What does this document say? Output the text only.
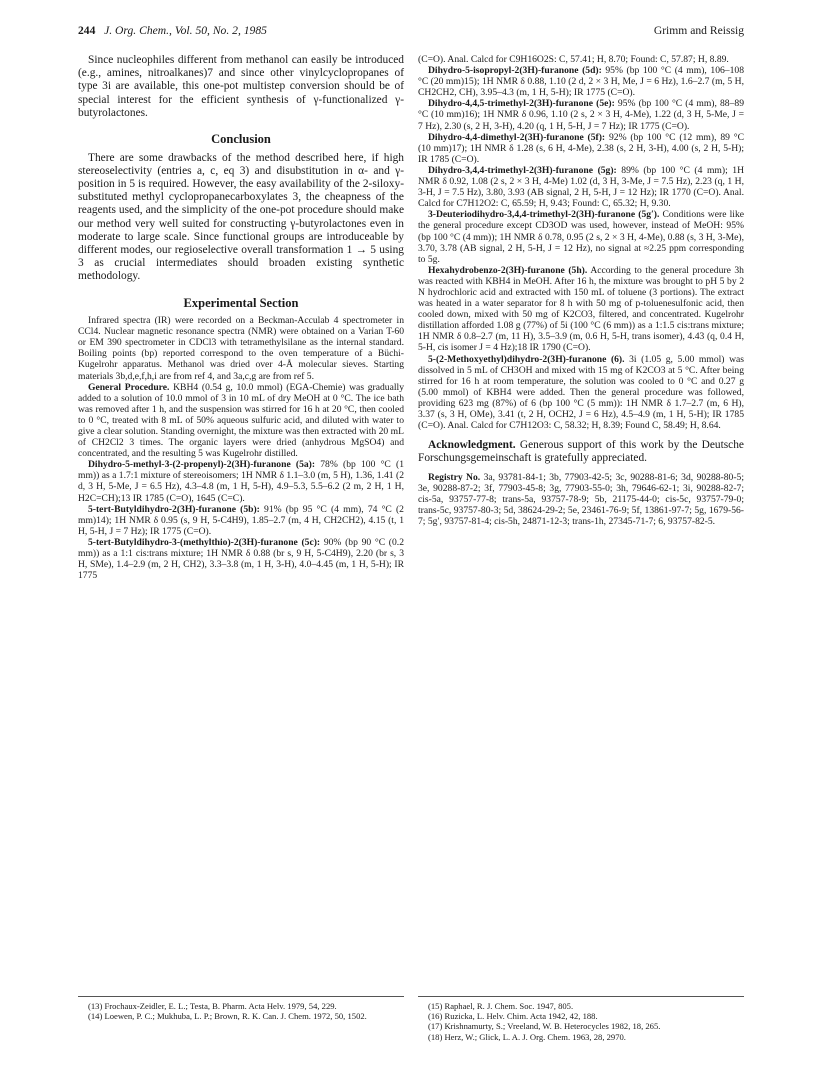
244 J. Org. Chem., Vol. 50, No. 2, 1985	Grimm and Reissig

Since nucleophiles different from methanol can easily be introduced (e.g., amines, nitroalkanes)7 and since other vinylcyclopropanes of type 3i are available, this one-pot multistep conversion should be of special interest for the efficient synthesis of γ-functionalized γ-butyrolactones.

Conclusion

There are some drawbacks of the method described here, if high stereoselectivity (entries a, c, eq 3) and disubstitution in α- and γ-position in 5 is required. However, the easy availability of the 2-siloxy-substituted methyl cyclopropanecarboxylates 3, the cheapness of the reagents used, and the simplicity of the one-pot procedure should make our method very well suited for constructing γ-butyrolactones even in moderate to large scale. Since functional groups are introduceable by different modes, our regioselective overall transformation 1 → 5 using 3 as crucial intermediates should broaden existing synthetic methodology.

Experimental Section

Infrared spectra (IR) were recorded on a Beckman-Acculab 4 spectrometer in CCl4. Nuclear magnetic resonance spectra (NMR) were obtained on a Varian T-60 or EM 390 spectrometer in CDCl3 with tetramethylsilane as the internal standard. Boiling points (bp) reported correspond to the oven temperature of a Büchi-Kugelrohr apparatus. Methanol was dried over 4-Å molecular sieves. Starting materials 3b,d,e,f,h,i are from ref 4, and 3a,c,g are from ref 5.

General Procedure. KBH4 (0.54 g, 10.0 mmol) (EGA-Chemie) was gradually added to a solution of 10.0 mmol of 3 in 10 mL of dry MeOH at 0 °C. The ice bath was removed after 1 h, and the suspension was stirred for 16 h at 20 °C, then cooled to 0 °C, treated with 8 mL of 50% aqueous sulfuric acid, and diluted with water to give a clear solution. Standing overnight, the mixture was then extracted with 20 mL of CH2Cl2 3 times. The organic layers were dried (anhydrous MgSO4) and concentrated, and the resulting 5 was Kugelrohr distilled.

Dihydro-5-methyl-3-(2-propenyl)-2(3H)-furanone (5a): 78% (bp 100 °C (1 mm)) as a 1.7:1 mixture of stereoisomers; 1H NMR δ 1.1–3.0 (m, 5 H), 1.36, 1.41 (2 d, 3 H, 5-Me, J = 6.5 Hz), 4.3–4.8 (m, 1 H, 5-H), 4.9–5.3, 5.5–6.2 (2 m, 2 H, 1 H, H2C=CH);13 IR 1785 (C=O), 1645 (C=C).

5-tert-Butyldihydro-2(3H)-furanone (5b): 91% (bp 95 °C (4 mm), 74 °C (2 mm)14); 1H NMR δ 0.95 (s, 9 H, 5-C4H9), 1.85–2.7 (m, 4 H, CH2CH2), 4.15 (t, 1 H, 5-H, J = 7 Hz); IR 1775 (C=O).

5-tert-Butyldihydro-3-(methylthio)-2(3H)-furanone (5c): 90% (bp 90 °C (0.2 mm)) as a 1:1 cis:trans mixture; 1H NMR δ 0.88 (br s, 9 H, 5-C4H9), 2.20 (br s, 3 H, SMe), 1.4–2.9 (m, 2 H, CH2), 3.3–3.8 (m, 1 H, 3-H), 4.0–4.45 (m, 1 H, 5-H); IR 1775

(C=O). Anal. Calcd for C9H16O2S: C, 57.41; H, 8.70; Found: C, 57.87; H, 8.89.

Dihydro-5-isopropyl-2(3H)-furanone (5d): 95% (bp 100 °C (4 mm), 106–108 °C (20 mm)15); 1H NMR δ 0.88, 1.10 (2 d, 2 × 3 H, Me, J = 6 Hz), 1.6–2.7 (m, 5 H, CH2CH2, CH), 3.95–4.3 (m, 1 H, 5-H); IR 1775 (C=O).

Dihydro-4,4,5-trimethyl-2(3H)-furanone (5e): 95% (bp 100 °C (4 mm), 88–89 °C (10 mm)16); 1H NMR δ 0.96, 1.10 (2 s, 2 × 3 H, 4-Me), 1.22 (d, 3 H, 5-Me, J = 7 Hz), 2.30 (s, 2 H, 3-H), 4.20 (q, 1 H, 5-H, J = 7 Hz); IR 1775 (C=O).

Dihydro-4,4-dimethyl-2(3H)-furanone (5f): 92% (bp 100 °C (12 mm), 89 °C (10 mm)17); 1H NMR δ 1.28 (s, 6 H, 4-Me), 2.38 (s, 2 H, 3-H), 4.00 (s, 2 H, 5-H); IR 1785 (C=O).

Dihydro-3,4,4-trimethyl-2(3H)-furanone (5g): 89% (bp 100 °C (4 mm); 1H NMR δ 0.92, 1.08 (2 s, 2 × 3 H, 4-Me) 1.02 (d, 3 H, 3-Me, J = 7.5 Hz), 2.23 (q, 1 H, 3-H, J = 7.5 Hz), 3.80, 3.93 (AB signal, 2 H, 5-H, J = 12 Hz); IR 1770 (C=O). Anal. Calcd for C7H12O2: C, 65.59; H, 9.43; Found: C, 65.32; H, 9.30.

3-Deuteriodihydro-3,4,4-trimethyl-2(3H)-furanone (5g′). Conditions were like the general procedure except CD3OD was used, however, instead of MeOH: 95% (bp 100 °C (4 mm)); 1H NMR δ 0.78, 0.95 (2 s, 2 × 3 H, 4-Me), 0.88 (s, 3 H, 3-Me), 3.70, 3.78 (AB signal, 2 H, 5-H, J = 12 Hz), no signal at ≈2.25 ppm corresponding to 5g.

Hexahydrobenzo-2(3H)-furanone (5h). According to the general procedure 3h was reacted with KBH4 in MeOH. After 16 h, the mixture was brought to pH 5 by 2 N hydrochloric acid and extracted with 150 mL of toluene (3 portions). The extract was heated in a water separator for 8 h with 50 mg of p-toluenesulfonic acid, then cooled down, mixed with 50 mg of K2CO3, filtered, and concentrated. Kugelrohr distillation afforded 1.08 g (77%) of 5i (100 °C (6 mm)) as a 1:1.5 cis:trans mixture; 1H NMR δ 0.8–2.7 (m, 11 H), 3.5–3.9 (m, 0.6 H, 5-H, trans isomer), 4.43 (q, 0.4 H, 5-H, cis isomer J = 4 Hz);18 IR 1790 (C=O).

5-(2-Methoxyethyl)dihydro-2(3H)-furanone (6). 3i (1.05 g, 5.00 mmol) was dissolved in 5 mL of CH3OH and mixed with 15 mg of K2CO3 at 5 °C. After being stirred for 16 h at room temperature, the solution was cooled to 0 °C and 0.27 g (5.00 mmol) of KBH4 were added. Then the general procedure was followed, providing 623 mg (87%) of 6 (bp 100 °C (5 mm)): 1H NMR δ 1.7–2.7 (m, 6 H), 3.37 (s, 3 H, OMe), 3.41 (t, 2 H, OCH2, J = 6 Hz), 4.5–4.9 (m, 1 H, 5-H); IR 1785 (C=O). Anal. Calcd for C7H12O3: C, 58.32; H, 8.39; Found C, 58.49; H, 8.64.

Acknowledgment. Generous support of this work by the Deutsche Forschungsgemeinschaft is gratefully appreciated.

Registry No. 3a, 93781-84-1; 3b, 77903-42-5; 3c, 90288-81-6; 3d, 90288-80-5; 3e, 90288-87-2; 3f, 77903-45-8; 3g, 77903-55-0; 3h, 79646-62-1; 3i, 90288-82-7; cis-5a, 93757-77-8; trans-5a, 93757-78-9; 5b, 21175-44-0; cis-5c, 93757-79-0; trans-5c, 93757-80-3; 5d, 38624-29-2; 5e, 23461-76-9; 5f, 13861-97-7; 5g, 1679-56-7; 5g′, 93757-81-4; cis-5h, 24871-12-3; trans-1h, 27345-71-7; 6, 93757-82-5.

(13) Frochaux-Zeidler, E. L.; Testa, B. Pharm. Acta Helv. 1979, 54, 229.

(14) Loewen, P. C.; Mukhuba, L. P.; Brown, R. K. Can. J. Chem. 1972, 50, 1502.

(15) Raphael, R. J. Chem. Soc. 1947, 805.

(16) Ruzicka, L. Helv. Chim. Acta 1942, 42, 188.

(17) Krishnamurty, S.; Vreeland, W. B. Heterocycles 1982, 18, 265.

(18) Herz, W.; Glick, L. A. J. Org. Chem. 1963, 28, 2970.
